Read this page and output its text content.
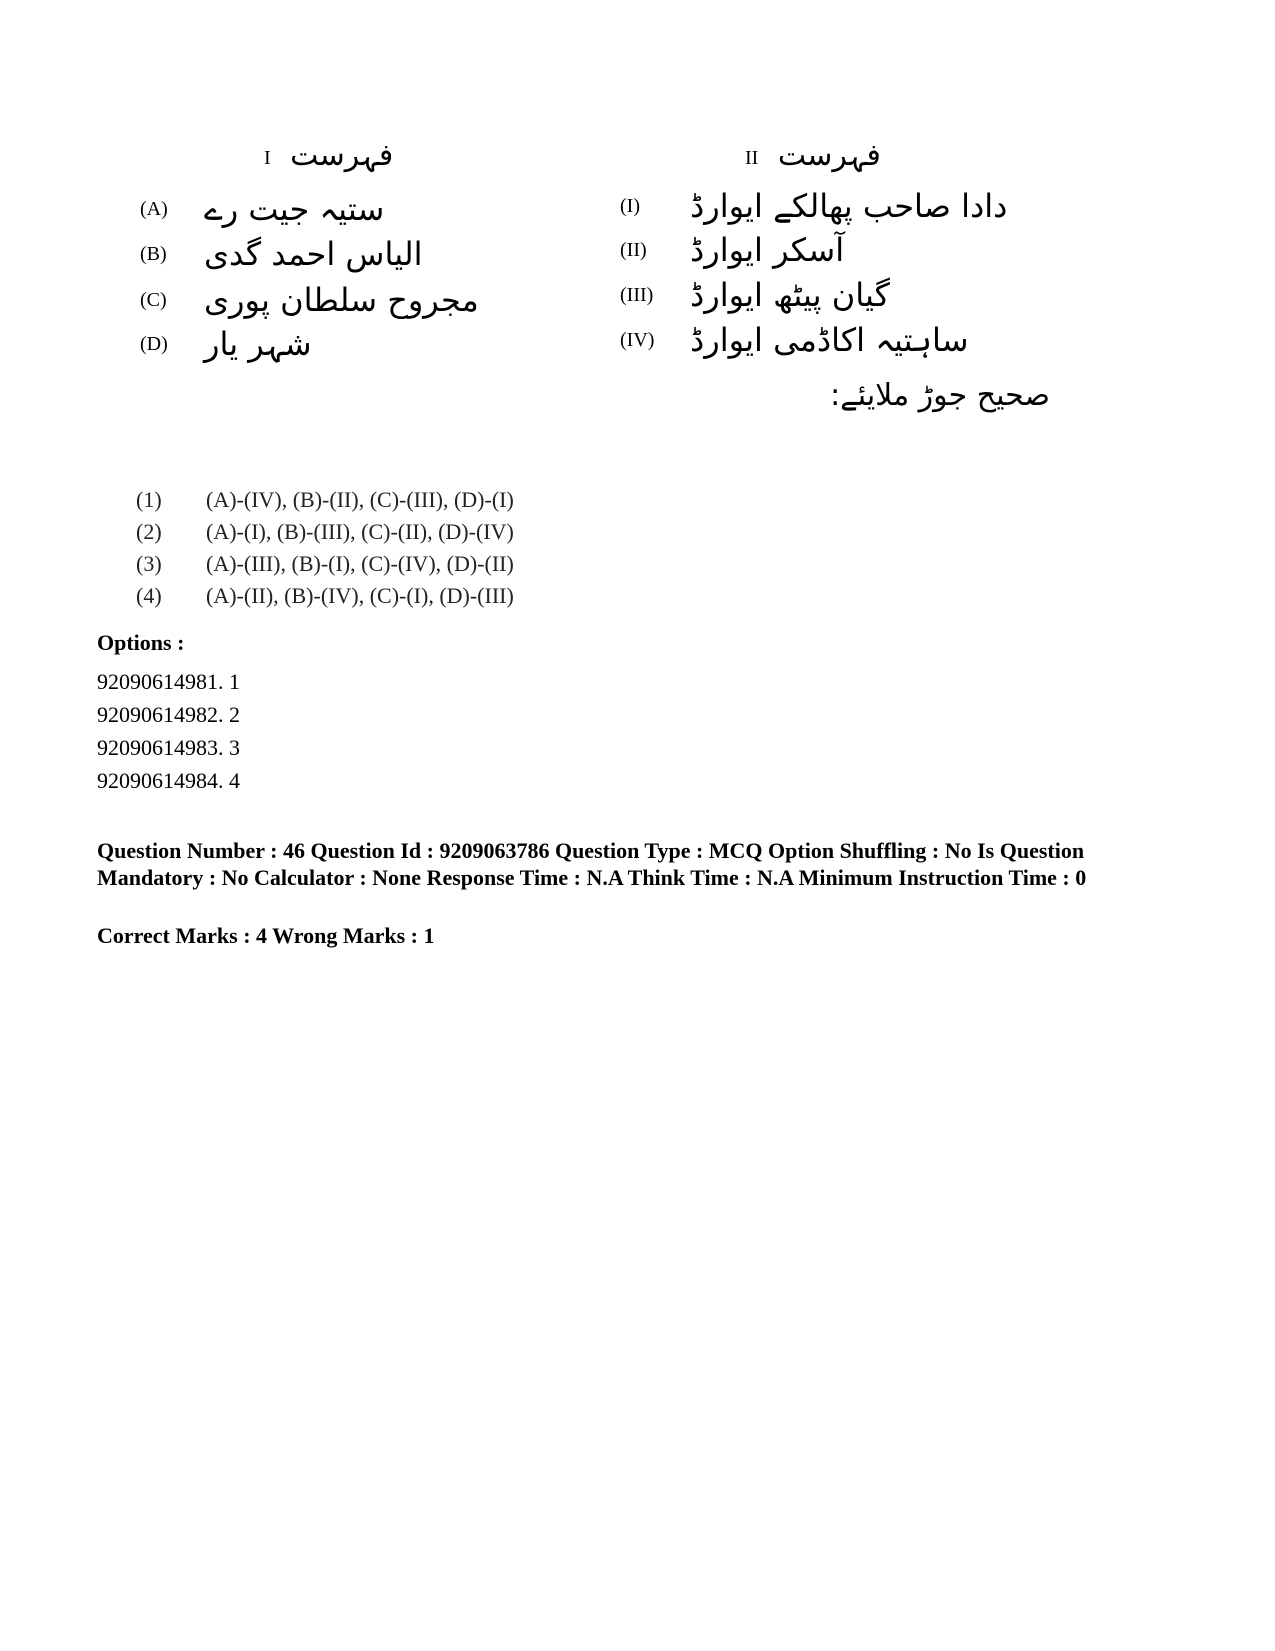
I فہرست	II فہرست
(A) ستیہ جیت رے
(B) الیاس احمد گدی
(C) مجروح سلطان پوری
(D) شہر یار
(I) دادا صاحب پھالکے ایوارڈ
(II) آسکر ایوارڈ
(III) گیان پیٹھ ایوارڈ
(IV) ساہتیہ اکاڈمی ایوارڈ
صحیح جوڑ ملایئے:
(1) (A)-(IV), (B)-(II), (C)-(III), (D)-(I)
(2) (A)-(I), (B)-(III), (C)-(II), (D)-(IV)
(3) (A)-(III), (B)-(I), (C)-(IV), (D)-(II)
(4) (A)-(II), (B)-(IV), (C)-(I), (D)-(III)
Options :
92090614981. 1
92090614982. 2
92090614983. 3
92090614984. 4
Question Number : 46 Question Id : 9209063786 Question Type : MCQ Option Shuffling : No Is Question Mandatory : No Calculator : None Response Time : N.A Think Time : N.A Minimum Instruction Time : 0
Correct Marks : 4 Wrong Marks : 1
